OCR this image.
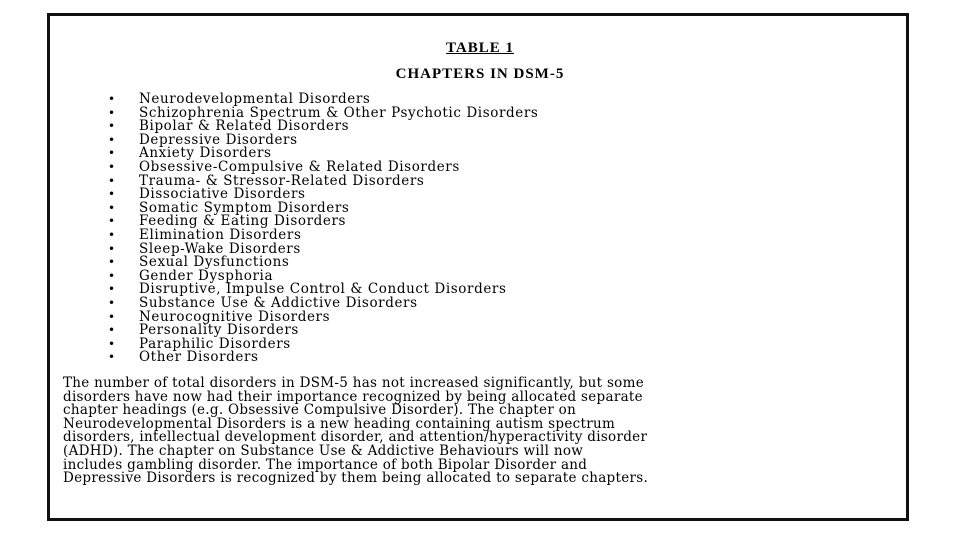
TABLE 1
CHAPTERS IN DSM-5
• Neurodevelopmental Disorders
• Schizophrenia Spectrum & Other Psychotic Disorders
• Bipolar & Related Disorders
• Depressive Disorders
• Anxiety Disorders
• Obsessive-Compulsive & Related Disorders
• Trauma- & Stressor-Related Disorders
• Dissociative Disorders
• Somatic Symptom Disorders
• Feeding & Eating Disorders
• Elimination Disorders
• Sleep-Wake Disorders
• Sexual Dysfunctions
• Gender Dysphoria
• Disruptive, Impulse Control & Conduct Disorders
• Substance Use & Addictive Disorders
• Neurocognitive Disorders
• Personality Disorders
• Paraphilic Disorders
• Other Disorders

The number of total disorders in DSM-5 has not increased significantly, but some
disorders have now had their importance recognized by being allocated separate
chapter headings (e.g. Obsessive Compulsive Disorder). The chapter on
Neurodevelopmental Disorders is a new heading containing autism spectrum
disorders, intellectual development disorder, and attention/hyperactivity disorder
(ADHD). The chapter on Substance Use & Addictive Behaviours will now
includes gambling disorder. The importance of both Bipolar Disorder and
Depressive Disorders is recognized by them being allocated to separate chapters.
